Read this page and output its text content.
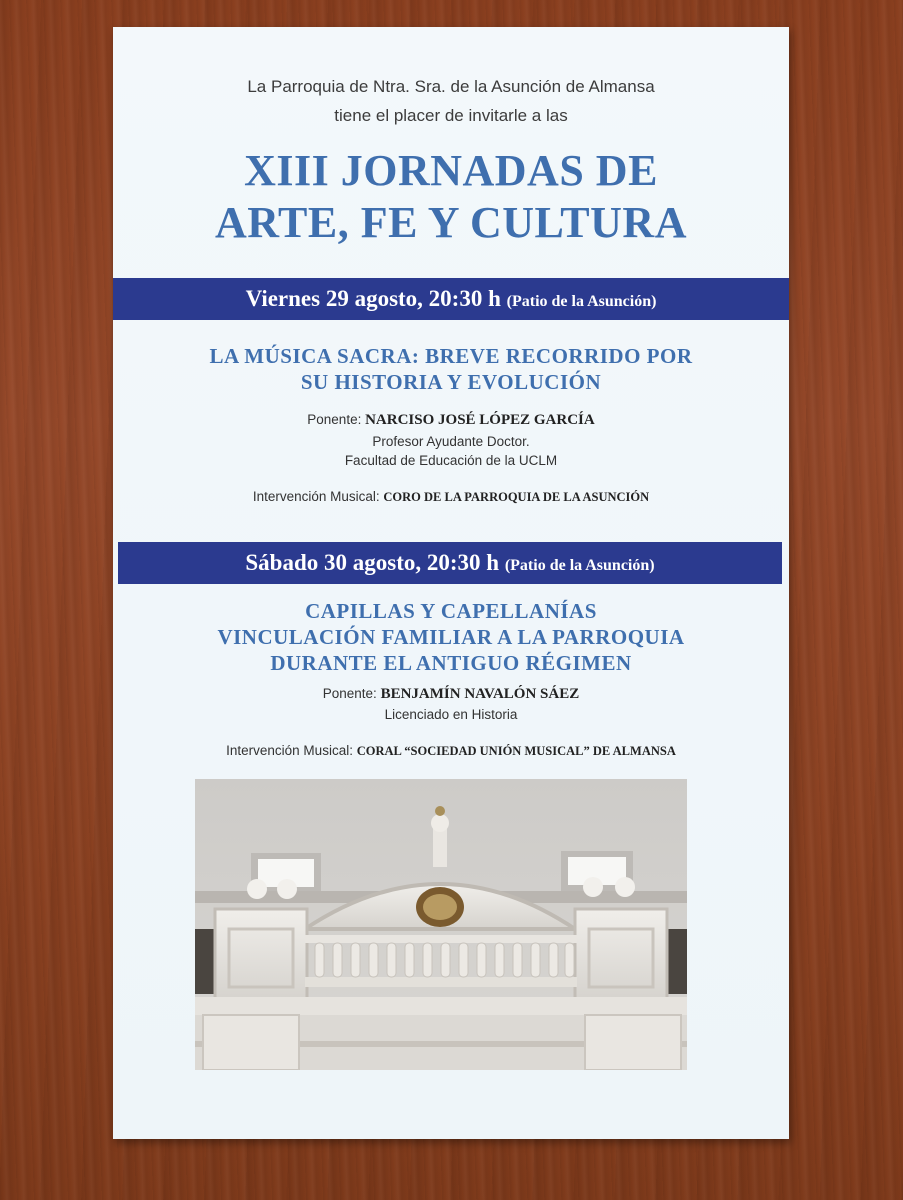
La Parroquia de Ntra. Sra. de la Asunción de Almansa
tiene el placer de invitarle a las
XIII JORNADAS DE
ARTE, FE Y CULTURA
Viernes 29 agosto, 20:30 h (Patio de la Asunción)
LA MÚSICA SACRA: BREVE RECORRIDO POR
SU HISTORIA Y EVOLUCIÓN
Ponente: NARCISO JOSÉ LÓPEZ GARCÍA
Profesor Ayudante Doctor.
Facultad de Educación de la UCLM
Intervención Musical: CORO DE LA PARROQUIA DE LA ASUNCIÓN
Sábado 30 agosto, 20:30 h (Patio de la Asunción)
CAPILLAS Y CAPELLANÍAS
VINCULACIÓN FAMILIAR A LA PARROQUIA
DURANTE EL ANTIGUO RÉGIMEN
Ponente: BENJAMÍN NAVALÓN SÁEZ
Licenciado en Historia
Intervención Musical: CORAL “SOCIEDAD UNIÓN MUSICAL” DE ALMANSA
